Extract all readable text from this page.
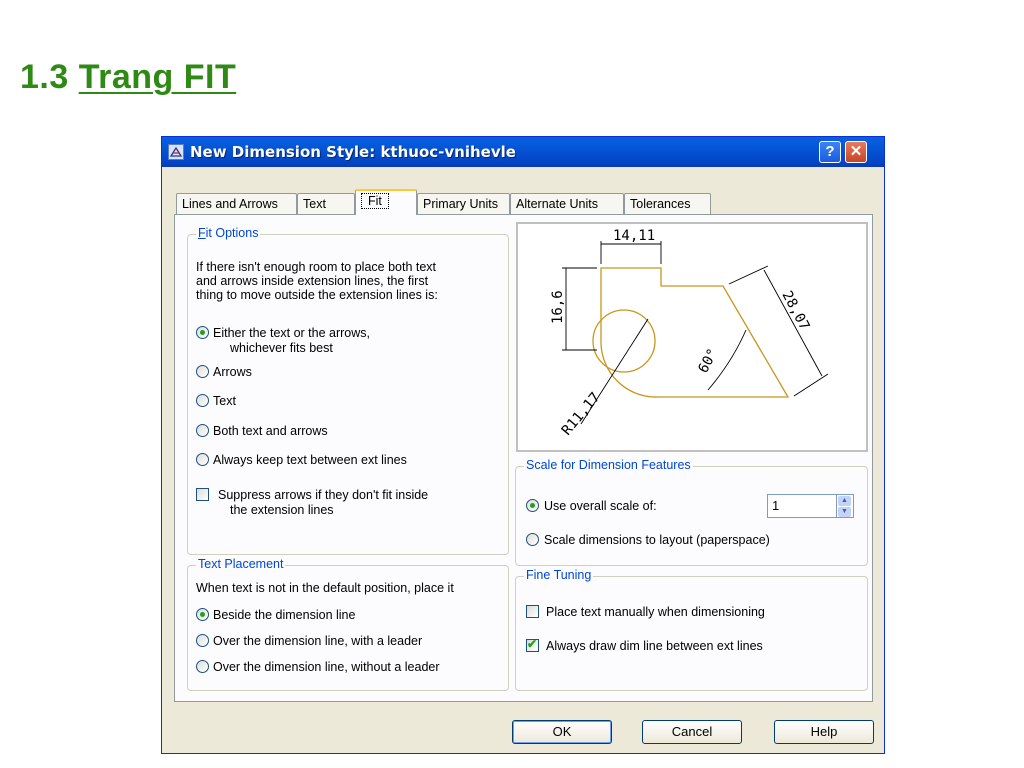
1.3 Trang FIT
New Dimension Style: kthuoc-vnihevle	?	✕
Lines and Arrows	Text	Fit	Primary Units	Alternate Units	Tolerances
Fit Options
If there isn't enough room to place both text
and arrows inside extension lines, the first
thing to move outside the extension lines is:
Either the text or the arrows,
whichever fits best
Arrows
Text
Both text and arrows
Always keep text between ext lines
Suppress arrows if they don't fit inside
the extension lines
Text Placement
When text is not in the default position, place it
Beside the dimension line
Over the dimension line, with a leader
Over the dimension line, without a leader
14,11
16,6	28,07
60°
R11,17
Scale for Dimension Features
Use overall scale of:	1	▲
▼
Scale dimensions to layout (paperspace)
Fine Tuning
Place text manually when dimensioning
✔ Always draw dim line between ext lines
OK	Cancel	Help
